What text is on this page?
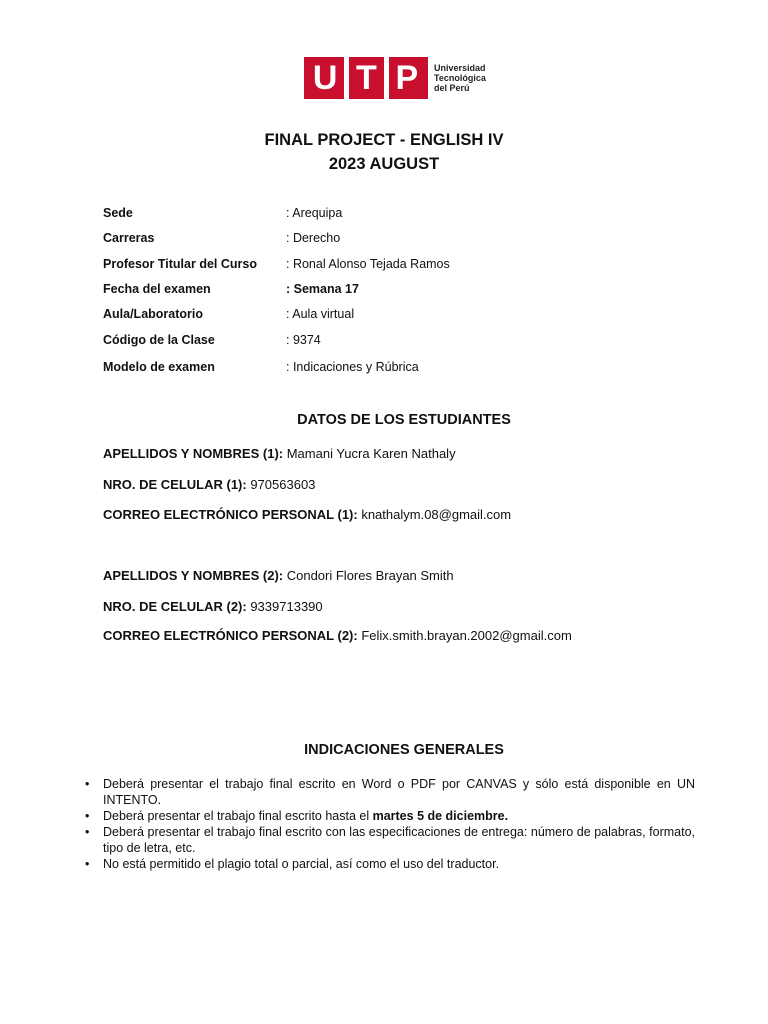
U T P Universidad
Tecnológica
del Perú
FINAL PROJECT - ENGLISH IV
2023 AUGUST
Sede	: Arequipa
Carreras	: Derecho
Profesor Titular del Curso	: Ronal Alonso Tejada Ramos
Fecha del examen	: Semana 17
Aula/Laboratorio	: Aula virtual
Código de la Clase	: 9374
Modelo de examen	: Indicaciones y Rúbrica
DATOS DE LOS ESTUDIANTES
APELLIDOS Y NOMBRES (1): Mamani Yucra Karen Nathaly
NRO. DE CELULAR (1): 970563603
CORREO ELECTRÓNICO PERSONAL (1): knathalym.08@gmail.com
APELLIDOS Y NOMBRES (2): Condori Flores Brayan Smith
NRO. DE CELULAR (2): 9339713390
CORREO ELECTRÓNICO PERSONAL (2): Felix.smith.brayan.2002@gmail.com
INDICACIONES GENERALES
•	Deberá presentar el trabajo final escrito en Word o PDF por CANVAS y sólo está disponible en UN INTENTO.
•	Deberá presentar el trabajo final escrito hasta el martes 5 de diciembre.
•	Deberá presentar el trabajo final escrito con las especificaciones de entrega: número de palabras, formato, tipo de letra, etc.
•	No está permitido el plagio total o parcial, así como el uso del traductor.
